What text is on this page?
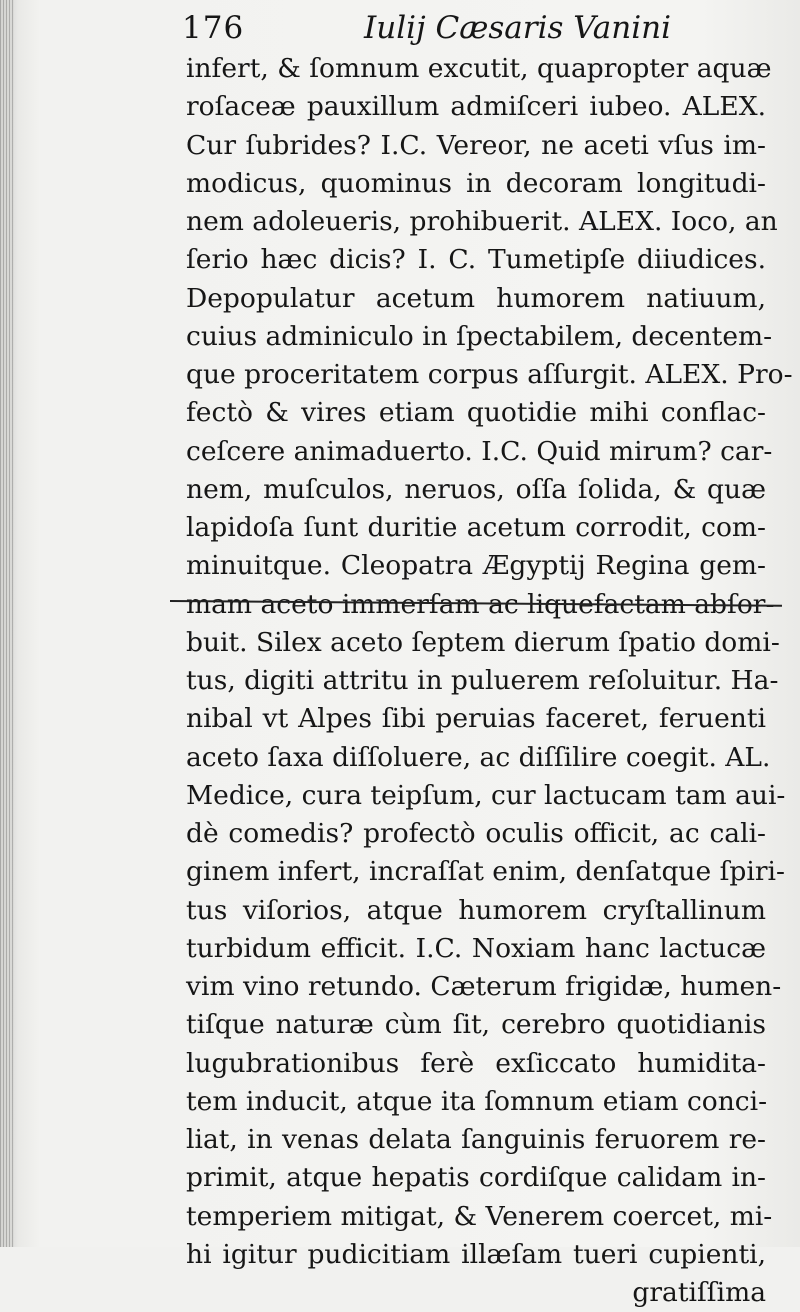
176	Iulij Cæsaris Vanini
infert, & ſomnum excutit, quapropter aquæ
roſaceæ pauxillum admiſceri iubeo. ALEX.
Cur ſubrides? I.C. Vereor, ne aceti vſus im-
modicus, quominus in decoram longitudi-
nem adoleueris, prohibuerit. ALEX. Ioco, an
ſerio hæc dicis? I. C. Tumetipſe diiudices.
Depopulatur acetum humorem natiuum,
cuius adminiculo in ſpectabilem, decentem-
que proceritatem corpus aſſurgit. ALEX. Pro-
fectò & vires etiam quotidie mihi conflac-
ceſcere animaduerto. I.C. Quid mirum? car-
nem, muſculos, neruos, oſſa ſolida, & quæ
lapidoſa ſunt duritie acetum corrodit, com-
minuitque. Cleopatra Ægyptij Regina gem-
mam aceto immerſam ac liquefactam abſor-
buit. Silex aceto ſeptem dierum ſpatio domi-
tus, digiti attritu in puluerem reſoluitur. Ha-
nibal vt Alpes ſibi peruias faceret, feruenti
aceto ſaxa diſſoluere, ac diſſilire coegit. AL.
Medice, cura teipſum, cur lactucam tam aui-
dè comedis? profectò oculis officit, ac cali-
ginem infert, incraſſat enim, denſatque ſpiri-
tus viſorios, atque humorem cryſtallinum
turbidum efficit. I.C. Noxiam hanc lactucæ
vim vino retundo. Cæterum frigidæ, humen-
tiſque naturæ cùm ſit, cerebro quotidianis
lugubrationibus ferè exſiccato humidita-
tem inducit, atque ita ſomnum etiam conci-
liat, in venas delata ſanguinis feruorem re-
primit, atque hepatis cordiſque calidam in-
temperiem mitigat, & Venerem coercet, mi-
hi igitur pudicitiam illæſam tueri cupienti,
gratiſſima
